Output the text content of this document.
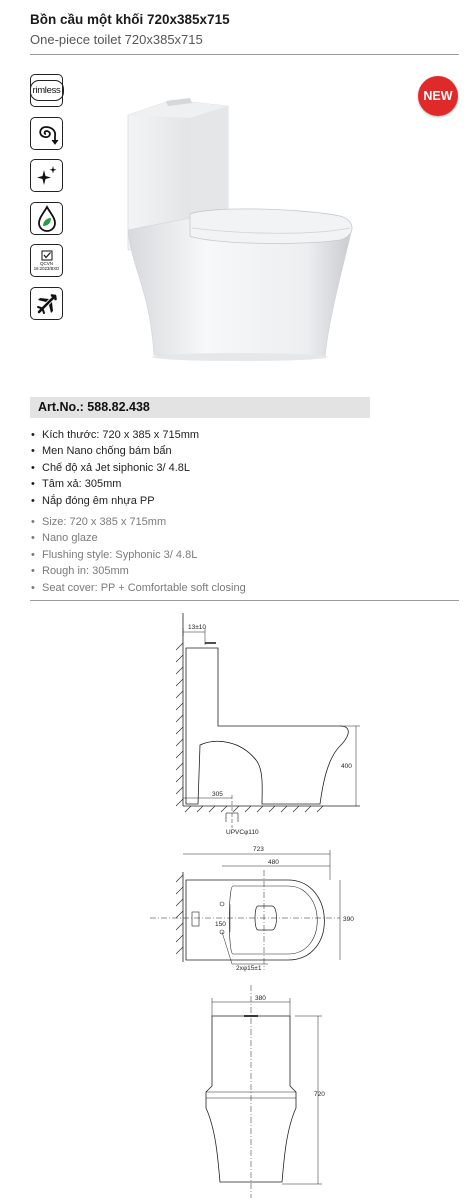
Bồn cầu một khối 720x385x715
One-piece toilet 720x385x715
rimless
QCVN
16:2023/BXD
NEW
Art.No.: 588.82.438
• Kích thước: 720 x 385 x 715mm
• Men Nano chống bám bẩn
• Chế độ xả Jet siphonic 3/ 4.8L
• Tâm xả: 305mm
• Nắp đóng êm nhựa PP
• Size: 720 x 385 x 715mm
• Nano glaze
• Flushing style: Syphonic 3/ 4.8L
• Rough in: 305mm
• Seat cover: PP + Comfortable soft closing
13±10
400
305
UPVCφ110
723
480
390
150
2xφ15±1
380
720
